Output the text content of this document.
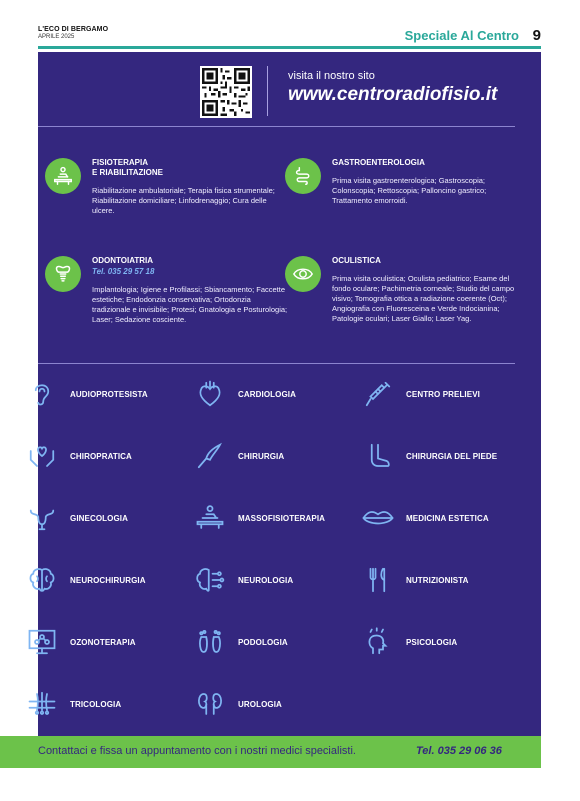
L'ECO DI BERGAMO
APRILE 2025	Speciale Al Centro 9
visita il nostro sito
www.centroradiofisio.it
FISIOTERAPIA
E RIABILITAZIONE
Riabilitazione ambulatoriale; Terapia fisica strumentale; Riabilitazione domiciliare; Linfodrenaggio; Cura delle ulcere.
GASTROENTEROLOGIA
Prima visita gastroenterologica; Gastroscopia; Colonscopia; Rettoscopia; Palloncino gastrico; Trattamento emorroidi.
ODONTOIATRIA
Tel. 035 29 57 18
Implantologia; Igiene e Profilassi; Sbiancamento; Faccette estetiche; Endodonzia conservativa; Ortodonzia tradizionale e invisibile; Protesi; Gnatologia e Posturologia; Laser; Sedazione cosciente.
OCULISTICA
Prima visita oculistica; Oculista pediatrico; Esame del fondo oculare; Pachimetria corneale; Studio del campo visivo; Tomografia ottica a radiazione coerente (Oct); Angiografia con Fluoresceina e Verde Indocianina; Patologie oculari; Laser Giallo; Laser Yag.
AUDIOPROTESISTA	CARDIOLOGIA	CENTRO PRELIEVI
CHIROPRATICA	CHIRURGIA	CHIRURGIA DEL PIEDE
GINECOLOGIA	MASSOFISIOTERAPIA	MEDICINA ESTETICA
NEUROCHIRURGIA	NEUROLOGIA	NUTRIZIONISTA
OZONOTERAPIA	PODOLOGIA	PSICOLOGIA
TRICOLOGIA	UROLOGIA
Contattaci e fissa un appuntamento con i nostri medici specialisti.	Tel. 035 29 06 36
